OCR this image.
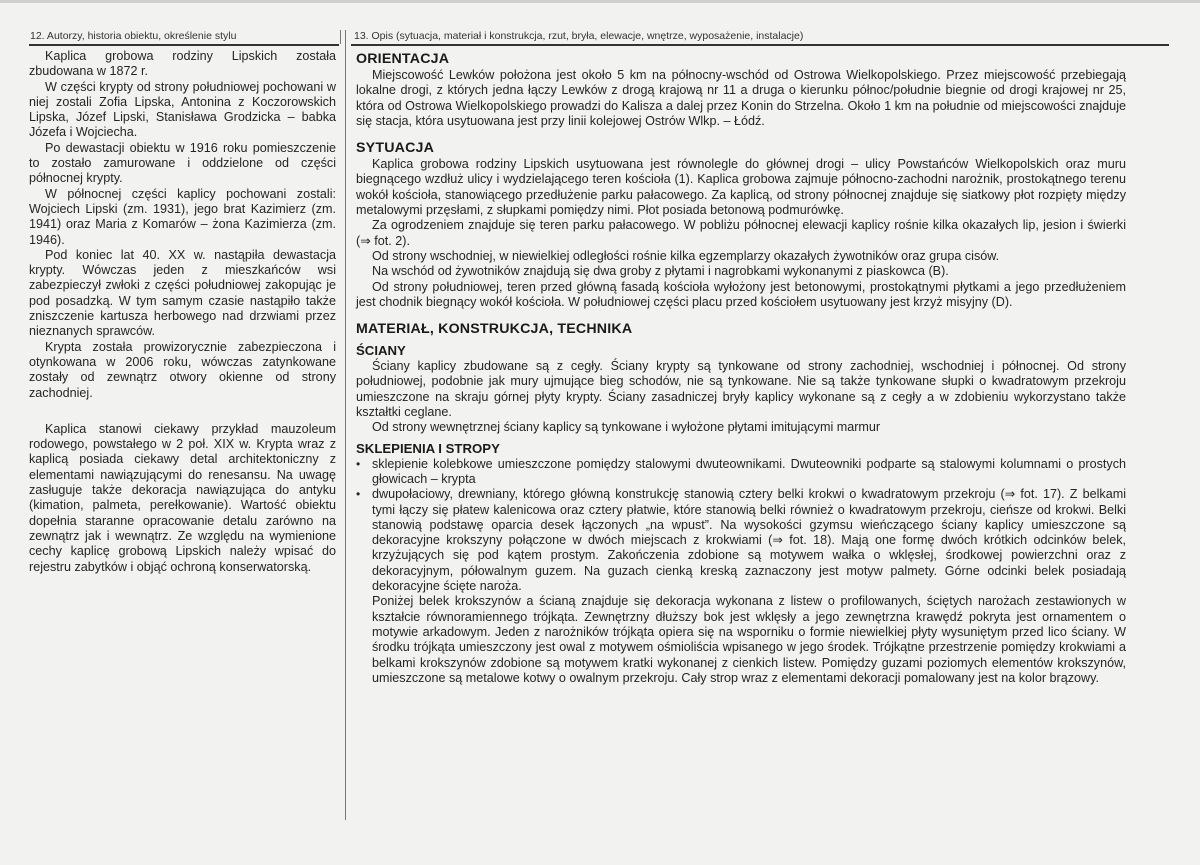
12. Autorzy, historia obiektu, określenie stylu	13. Opis (sytuacja, materiał i konstrukcja, rzut, bryła, elewacje, wnętrze, wyposażenie, instalacje)

Kaplica grobowa rodziny Lipskich została zbudowana w 1872 r.

W części krypty od strony południowej pochowani w niej zostali Zofia Lipska, Antonina z Koczorowskich Lipska, Józef Lipski, Stanisława Grodzicka – babka Józefa i Wojciecha.

Po dewastacji obiektu w 1916 roku pomieszczenie to zostało zamurowane i oddzielone od części północnej krypty.

W północnej części kaplicy pochowani zostali: Wojciech Lipski (zm. 1931), jego brat Kazimierz (zm. 1941) oraz Maria z Komarów – żona Kazimierza (zm. 1946).

Pod koniec lat 40. XX w. nastąpiła dewastacja krypty. Wówczas jeden z mieszkańców wsi zabezpieczył zwłoki z części południowej zakopując je pod posadzką. W tym samym czasie nastąpiło także zniszczenie kartusza herbowego nad drzwiami przez nieznanych sprawców.

Krypta została prowizorycznie zabezpieczona i otynkowana w 2006 roku, wówczas zatynkowane zostały od zewnątrz otwory okienne od strony zachodniej.

Kaplica stanowi ciekawy przykład mauzoleum rodowego, powstałego w 2 poł. XIX w. Krypta wraz z kaplicą posiada ciekawy detal architektoniczny z elementami nawiązującymi do renesansu. Na uwagę zasługuje także dekoracja nawiązująca do antyku (kimation, palmeta, perełkowanie). Wartość obiektu dopełnia staranne opracowanie detalu zarówno na zewnątrz jak i wewnątrz. Ze względu na wymienione cechy kaplicę grobową Lipskich należy wpisać do rejestru zabytków i objąć ochroną konserwatorską.

ORIENTACJA

Miejscowość Lewków położona jest około 5 km na północny-wschód od Ostrowa Wielkopolskiego. Przez miejscowość przebiegają lokalne drogi, z których jedna łączy Lewków z drogą krajową nr 11 a druga o kierunku północ/południe biegnie od drogi krajowej nr 25, która od Ostrowa Wielkopolskiego prowadzi do Kalisza a dalej przez Konin do Strzelna. Około 1 km na południe od miejscowości znajduje się stacja, która usytuowana jest przy linii kolejowej Ostrów Wlkp. – Łódź.

SYTUACJA

Kaplica grobowa rodziny Lipskich usytuowana jest równolegle do głównej drogi – ulicy Powstańców Wielkopolskich oraz muru biegnącego wzdłuż ulicy i wydzielającego teren kościoła (1). Kaplica grobowa zajmuje północno-zachodni narożnik, prostokątnego terenu wokół kościoła, stanowiącego przedłużenie parku pałacowego. Za kaplicą, od strony północnej znajduje się siatkowy płot rozpięty między metalowymi przęsłami, z słupkami pomiędzy nimi. Płot posiada betonową podmurówkę.

Za ogrodzeniem znajduje się teren parku pałacowego. W pobliżu północnej elewacji kaplicy rośnie kilka okazałych lip, jesion i świerki (⇒ fot. 2).

Od strony wschodniej, w niewielkiej odległości rośnie kilka egzemplarzy okazałych żywotników oraz grupa cisów.

Na wschód od żywotników znajdują się dwa groby z płytami i nagrobkami wykonanymi z piaskowca (B).

Od strony południowej, teren przed główną fasadą kościoła wyłożony jest betonowymi, prostokątnymi płytkami a jego przedłużeniem jest chodnik biegnący wokół kościoła. W południowej części placu przed kościołem usytuowany jest krzyż misyjny (D).

MATERIAŁ, KONSTRUKCJA, TECHNIKA
ŚCIANY

Ściany kaplicy zbudowane są z cegły. Ściany krypty są tynkowane od strony zachodniej, wschodniej i północnej. Od strony południowej, podobnie jak mury ujmujące bieg schodów, nie są tynkowane. Nie są także tynkowane słupki o kwadratowym przekroju umieszczone na skraju górnej płyty krypty. Ściany zasadniczej bryły kaplicy wykonane są z cegły a w zdobieniu wykorzystano także kształtki ceglane.

Od strony wewnętrznej ściany kaplicy są tynkowane i wyłożone płytami imitującymi marmur

SKLEPIENIA I STROPY
• sklepienie kolebkowe umieszczone pomiędzy stalowymi dwuteownikami. Dwuteowniki podparte są stalowymi kolumnami o prostych głowicach – krypta
• dwupołaciowy, drewniany, którego główną konstrukcję stanowią cztery belki krokwi o kwadratowym przekroju (⇒ fot. 17). Z belkami tymi łączy się płatew kalenicowa oraz cztery płatwie, które stanowią belki również o kwadratowym przekroju, cieńsze od krokwi. Belki stanowią podstawę oparcia desek łączonych „na wpust”. Na wysokości gzymsu wieńczącego ściany kaplicy umieszczone są dekoracyjne krokszyny połączone w dwóch miejscach z krokwiami (⇒ fot. 18). Mają one formę dwóch krótkich odcinków belek, krzyżujących się pod kątem prostym. Zakończenia zdobione są motywem wałka o wklęsłej, środkowej powierzchni oraz z dekoracyjnym, półowalnym guzem. Na guzach cienką kreską zaznaczony jest motyw palmety. Górne odcinki belek posiadają dekoracyjne ścięte naroża.

Poniżej belek krokszynów a ścianą znajduje się dekoracja wykonana z listew o profilowanych, ściętych narożach zestawionych w kształcie równoramiennego trójkąta. Zewnętrzny dłuższy bok jest wklęsły a jego zewnętrzna krawędź pokryta jest ornamentem o motywie arkadowym. Jeden z narożników trójkąta opiera się na wsporniku o formie niewielkiej płyty wysuniętym przed lico ściany. W środku trójkąta umieszczony jest owal z motywem ośmioliścia wpisanego w jego środek. Trójkątne przestrzenie pomiędzy krokwiami a belkami krokszynów zdobione są motywem kratki wykonanej z cienkich listew. Pomiędzy guzami poziomych elementów krokszynów, umieszczone są metalowe kotwy o owalnym przekroju. Cały strop wraz z elementami dekoracji pomalowany jest na kolor brązowy.
